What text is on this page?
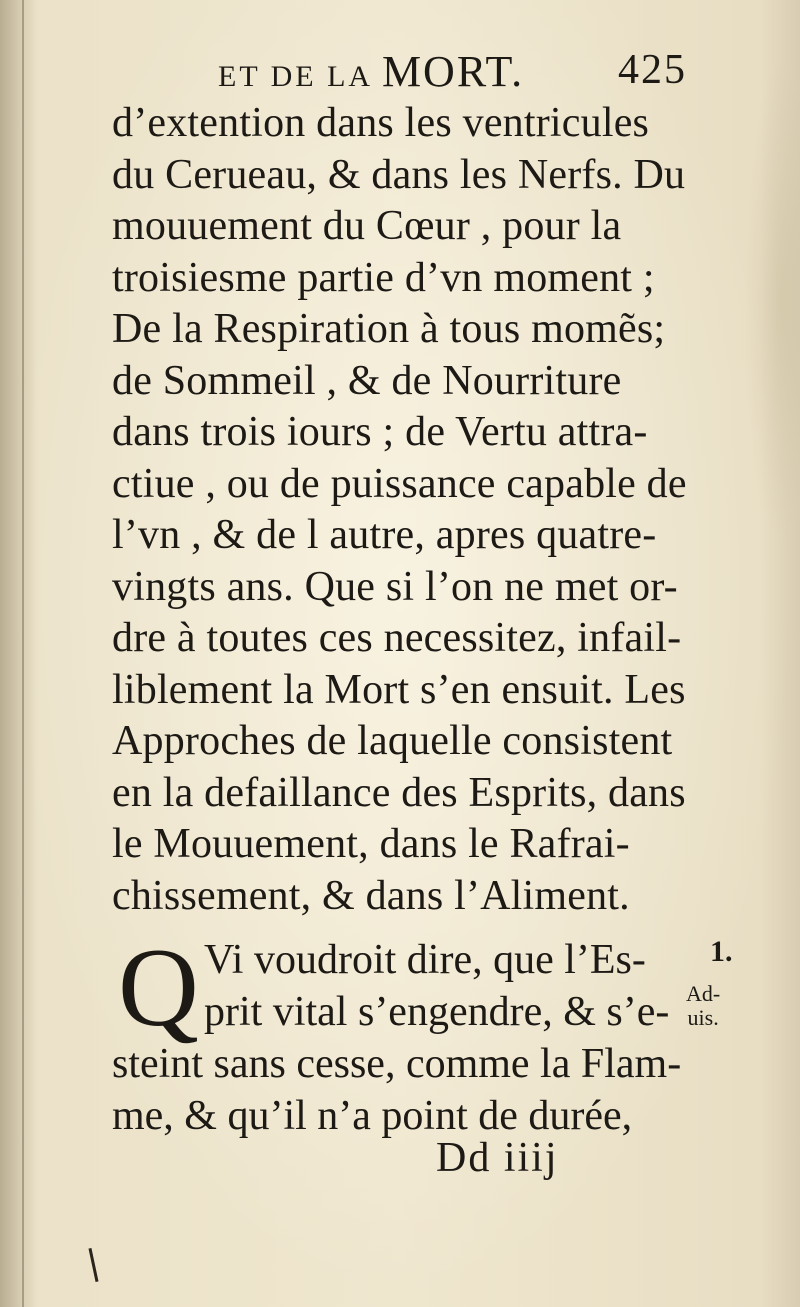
ET DE LA MORT. 425
d’extention dans les ventricules
du Cerueau, & dans les Nerfs. Du
mouuement du Cœur , pour la
troisiesme partie d’vn moment ;
De la Respiration à tous momẽs;
de Sommeil , & de Nourriture
dans trois iours ; de Vertu attra-
ctiue , ou de puissance capable de
l’vn , & de l autre, apres quatre-
vingts ans. Que si l’on ne met or-
dre à toutes ces necessitez, infail-
liblement la Mort s’en ensuit. Les
Approches de laquelle consistent
en la defaillance des Esprits, dans
le Mouuement, dans le Rafrai-
chissement, & dans l’Aliment.
Q Vi voudroit dire, que l’Es-
prit vital s’engendre, & s’e-
steint sans cesse, comme la Flam-
me, & qu’il n’a point de durée,
1.
Ad-
uis.
Dd iiij
